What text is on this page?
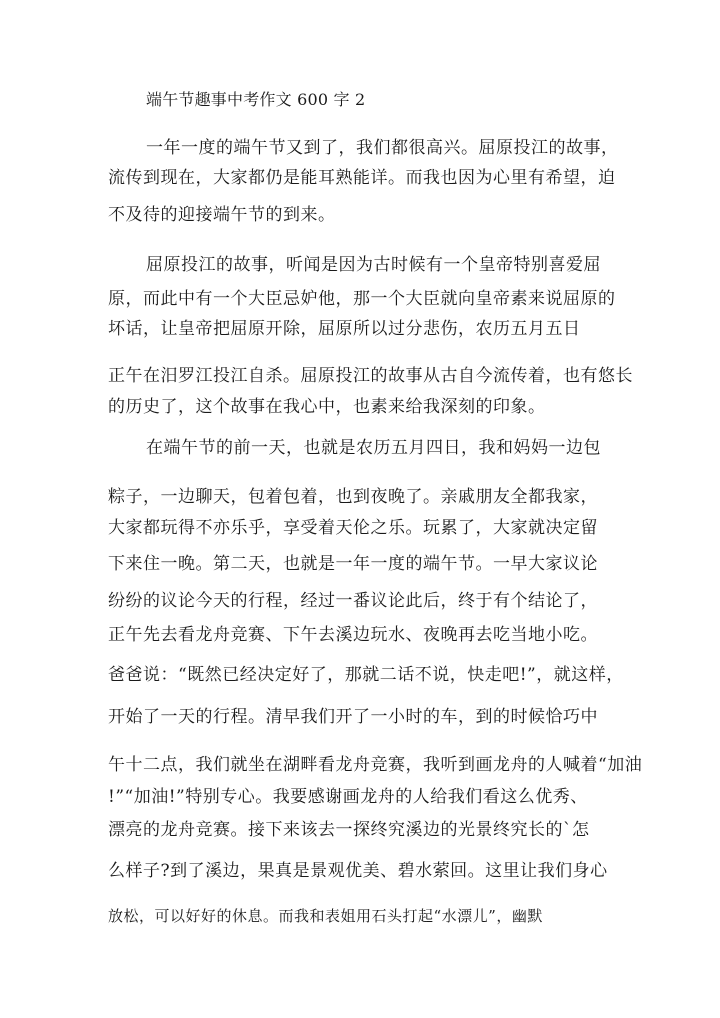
端午节趣事中考作文 600 字 2
一年一度的端午节又到了，我们都很高兴。屈原投江的故事，
流传到现在，大家都仍是能耳熟能详。而我也因为心里有希望，迫
不及待的迎接端午节的到来。
屈原投江的故事，听闻是因为古时候有一个皇帝特别喜爱屈
原，而此中有一个大臣忌妒他，那一个大臣就向皇帝素来说屈原的
坏话，让皇帝把屈原开除，屈原所以过分悲伤，农历五月五日
正午在汨罗江投江自杀。屈原投江的故事从古自今流传着，也有悠长
的历史了，这个故事在我心中，也素来给我深刻的印象。
在端午节的前一天，也就是农历五月四日，我和妈妈一边包
粽子，一边聊天，包着包着，也到夜晚了。亲戚朋友全都我家，
大家都玩得不亦乐乎，享受着天伦之乐。玩累了，大家就决定留
下来住一晚。第二天，也就是一年一度的端午节。一早大家议论
纷纷的议论今天的行程，经过一番议论此后，终于有个结论了，
正午先去看龙舟竞赛、下午去溪边玩水、夜晚再去吃当地小吃。
爸爸说：“既然已经决定好了，那就二话不说，快走吧!”，就这样，
开始了一天的行程。清早我们开了一小时的车，到的时候恰巧中
午十二点，我们就坐在湖畔看龙舟竞赛，我听到画龙舟的人喊着“加油
!”“加油!”特别专心。我要感谢画龙舟的人给我们看这么优秀、
漂亮的龙舟竞赛。接下来该去一探终究溪边的光景终究长的`怎
么样子?到了溪边，果真是景观优美、碧水萦回。这里让我们身心
放松，可以好好的休息。而我和表姐用石头打起“水漂儿”，幽默
